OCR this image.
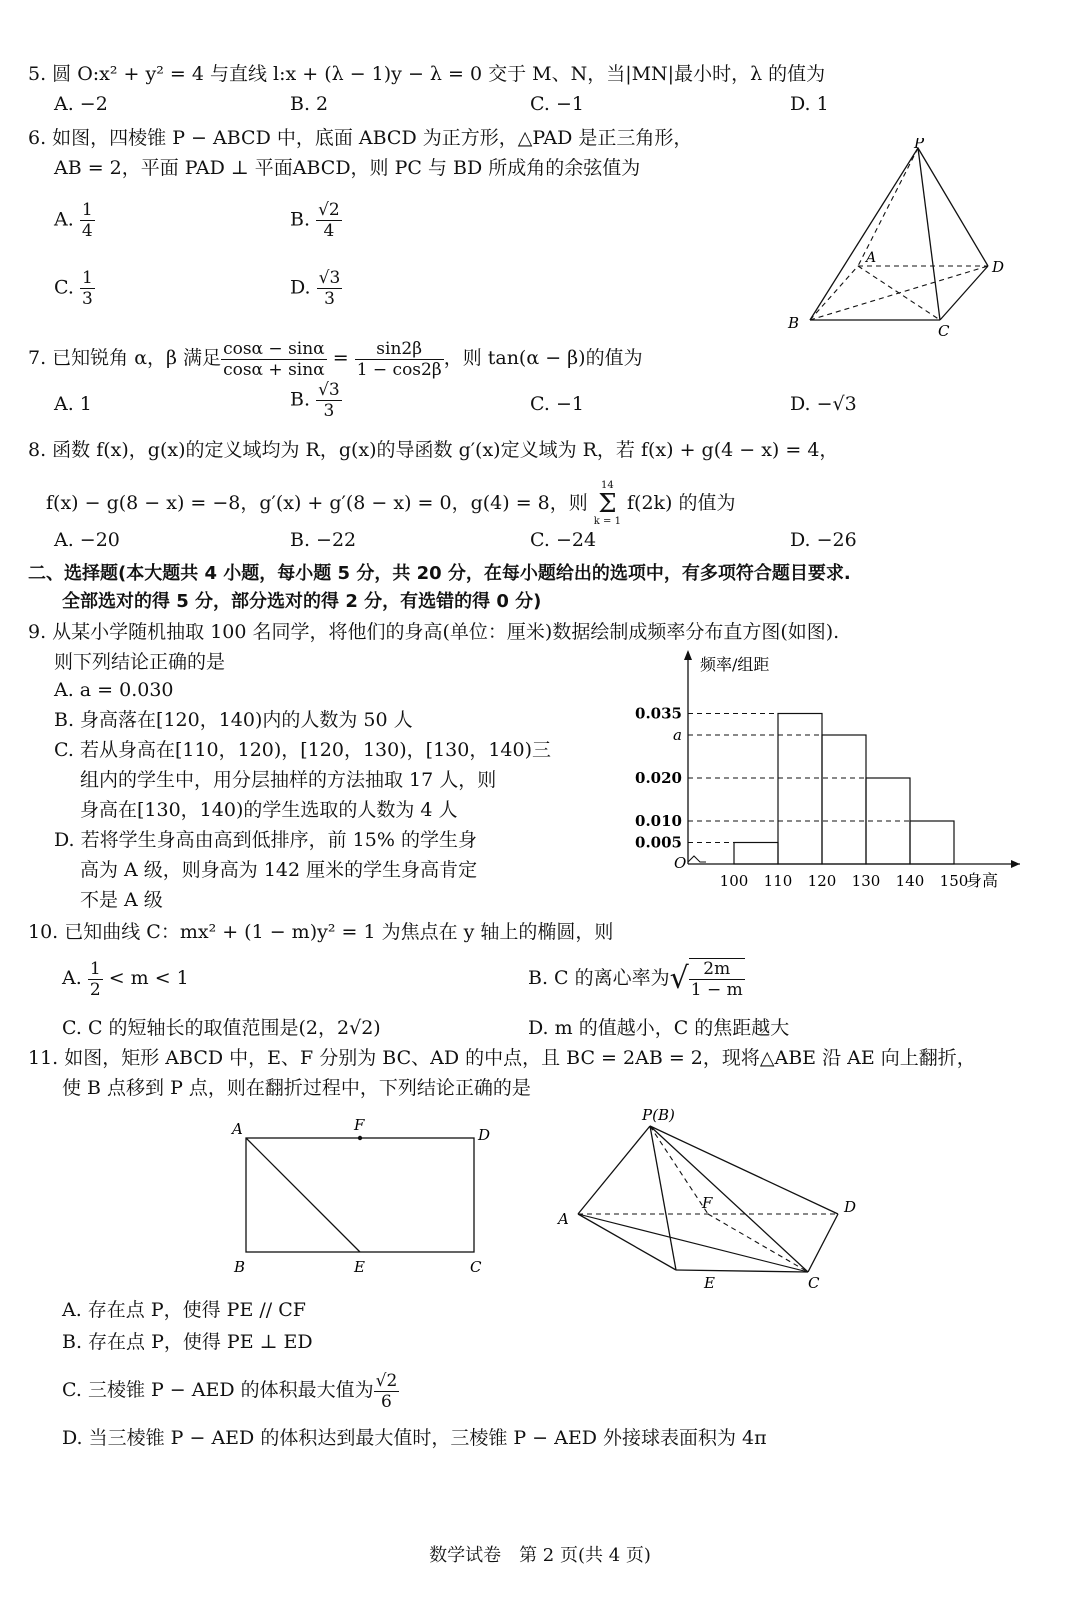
5. 圆 O:x² + y² = 4 与直线 l:x + (λ − 1)y − λ = 0 交于 M、N，当|MN|最小时，λ 的值为
A. −2	B. 2	C. −1	D. 1
6. 如图，四棱锥 P − ABCD 中，底面 ABCD 为正方形，△PAD 是正三角形，
AB = 2，平面 PAD ⊥ 平面ABCD，则 PC 与 BD 所成角的余弦值为
A. $\frac{1}{4}$	B. $\frac{√2}{4}$
C. $\frac{1}{3}$	D. $\frac{√3}{3}$
P
A
B	C
D
7. 已知锐角 α，β 满足 $\frac{\cos\alpha - \sin\alpha}{\cos\alpha + \sin\alpha} = \frac{\sin 2\beta}{1 - \cos 2\beta}$ ，则 tan(α − β)的值为
A. 1	B. $\frac{√3}{3}$	C. −1	D. −√3
8. 函数 f(x)，g(x)的定义域均为 R，g(x)的导函数 g′(x)定义域为 R，若 f(x) + g(4 − x) = 4，
f(x) − g(8 − x) = −8，g′(x) + g′(8 − x) = 0，g(4) = 8，则
14
Σ
k = 1
f(2k) 的值为
A. −20	B. −22	C. −24	D. −26
二、选择题(本大题共 4 小题，每小题 5 分，共 20 分，在每小题给出的选项中，有多项符合题目要求.
全部选对的得 5 分，部分选对的得 2 分，有选错的得 0 分)
9. 从某小学随机抽取 100 名同学，将他们的身高(单位：厘米)数据绘制成频率分布直方图(如图).
则下列结论正确的是
A. a = 0.030
B. 身高落在[120，140)内的人数为 50 人
C. 若从身高在[110，120)，[120，130)，[130，140)三
组内的学生中，用分层抽样的方法抽取 17 人，则
身高在[130，140)的学生选取的人数为 4 人
D. 若将学生身高由高到低排序，前 15% 的学生身
高为 A 级，则身高为 142 厘米的学生身高肯定
不是 A 级
0.035
a
0.020
0.010
0.005
O
100 110 120 130 140 150
频率/组距
身高
10. 已知曲线 C：mx² + (1 − m)y² = 1 为焦点在 y 轴上的椭圆，则
A. $\frac{1}{2} < m < 1$	B. C 的离心率为√ $\frac{2m}{1 - m}$
C. C 的短轴长的取值范围是(2，2√2)	D. m 的值越小，C 的焦距越大
11. 如图，矩形 ABCD 中，E、F 分别为 BC、AD 的中点，且 BC = 2AB = 2，现将△ABE 沿 AE 向上翻折，
使 B 点移到 P 点，则在翻折过程中，下列结论正确的是
A	F
D
B	E	C
P(B)
A
F	D
E	C
A. 存在点 P，使得 PE // CF
B. 存在点 P，使得 PE ⊥ ED
C. 三棱锥 P − AED 的体积最大值为 $\frac{√2}{6}$
D. 当三棱锥 P − AED 的体积达到最大值时，三棱锥 P − AED 外接球表面积为 4π
数学试卷　第 2 页(共 4 页)
